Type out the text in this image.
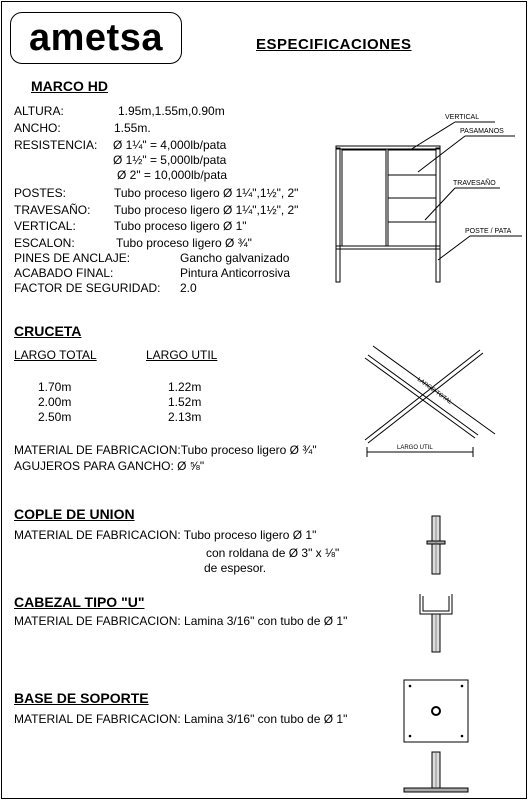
ametsa	ESPECIFICACIONES
MARCO HD
ALTURA:	1.95m,1.55m,0.90m
ANCHO:	1.55m.
RESISTENCIA: Ø 1¼" = 4,000lb/pata
Ø 1½" = 5,000lb/pata
Ø 2" = 10,000lb/pata
POSTES:	Tubo proceso ligero Ø 1¼",1½", 2"
TRAVESAÑO: Tubo proceso ligero Ø 1¼",1½", 2"
VERTICAL:	Tubo proceso ligero Ø 1"
ESCALON:	Tubo proceso ligero Ø ¾"
PINES DE ANCLAJE:	Gancho galvanizado
ACABADO FINAL:	Pintura Anticorrosiva
FACTOR DE SEGURIDAD: 2.0
VERTICAL
PASAMANOS
TRAVESAÑO
POSTE / PATA
CRUCETA
LARGO TOTAL	LARGO UTIL
1.70m	1.22m
2.00m	1.52m
2.50m	2.13m
MATERIAL DE FABRICACION:Tubo proceso ligero Ø ¾"
AGUJEROS PARA GANCHO: Ø ⅝"
LARGO TOTAL
LARGO UTIL
COPLE DE UNION
MATERIAL DE FABRICACION: Tubo proceso ligero Ø 1"
con roldana de Ø 3" x ⅛"
de espesor.
CABEZAL TIPO "U"
MATERIAL DE FABRICACION: Lamina 3/16" con tubo de Ø 1"
BASE DE SOPORTE
MATERIAL DE FABRICACION: Lamina 3/16" con tubo de Ø 1"
